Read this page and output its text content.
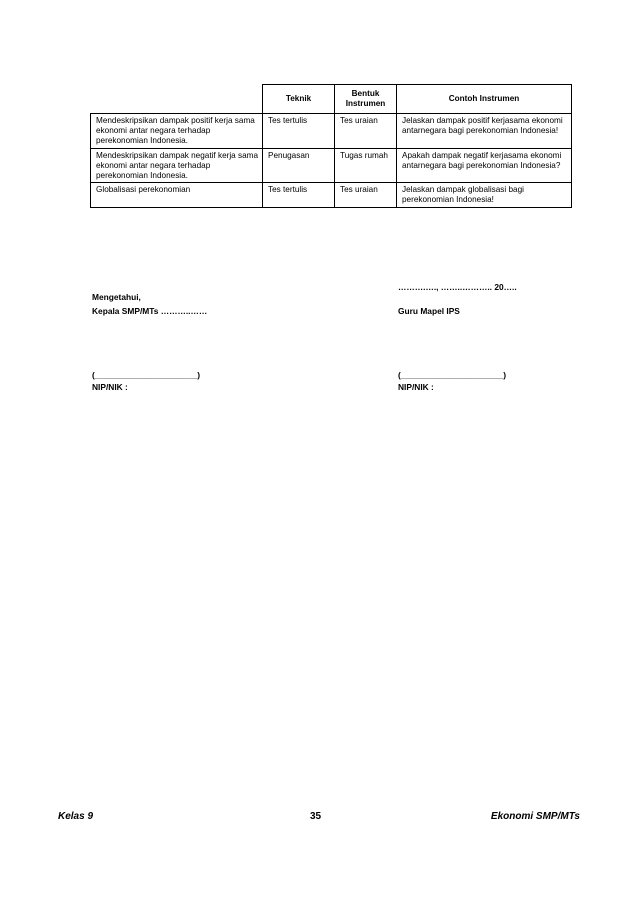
	Teknik	Bentuk Instrumen	Contoh Instrumen
Mendeskripsikan dampak positif kerja sama ekonomi antar negara terhadap perekonomian Indonesia.	Tes tertulis	Tes uraian	Jelaskan dampak positif kerjasama ekonomi antarnegara bagi perekonomian Indonesia!
Mendeskripsikan dampak negatif kerja sama ekonomi antar negara terhadap perekonomian Indonesia.	Penugasan	Tugas rumah	Apakah dampak negatif kerjasama ekonomi antarnegara bagi perekonomian Indonesia?
Globalisasi perekonomian	Tes tertulis	Tes uraian	Jelaskan dampak globalisasi bagi perekonomian Indonesia!
……….…., ……..……….. 20…..
Mengetahui,
Kepala SMP/MTs ………..……	Guru Mapel IPS
(______________________)
NIP/NIK :
(______________________)
NIP/NIK :
Kelas 9	35	Ekonomi SMP/MTs
